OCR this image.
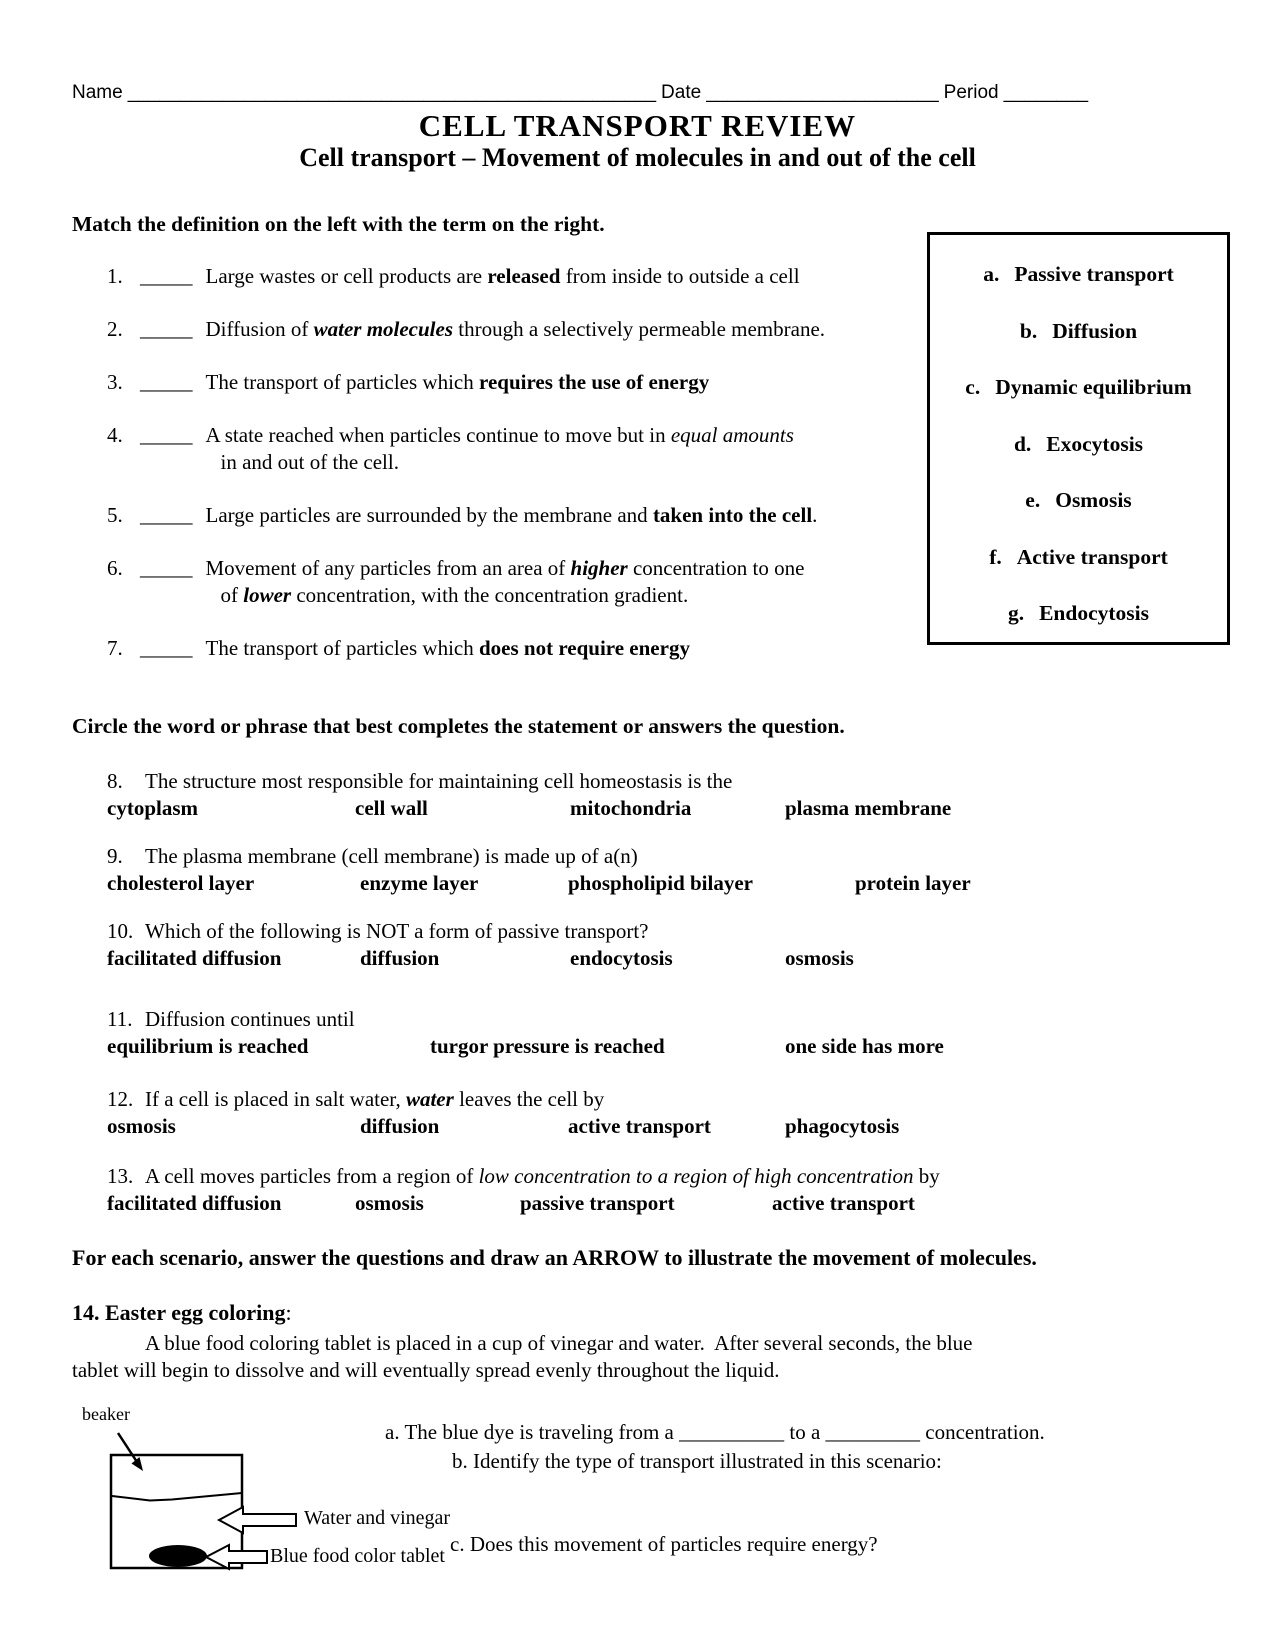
Name __________________________________________________ Date ______________________ Period ________
CELL TRANSPORT REVIEW
Cell transport – Movement of molecules in and out of the cell
Match the definition on the left with the term on the right.
1. _____ Large wastes or cell products are released from inside to outside a cell
2. _____ Diffusion of water molecules through a selectively permeable membrane.
3. _____ The transport of particles which requires the use of energy
4. _____ A state reached when particles continue to move but in equal amounts
in and out of the cell.
5. _____ Large particles are surrounded by the membrane and taken into the cell.
6. _____ Movement of any particles from an area of higher concentration to one
of lower concentration, with the concentration gradient.
7. _____ The transport of particles which does not require energy
a. Passive transport
b. Diffusion
c. Dynamic equilibrium
d. Exocytosis
e. Osmosis
f. Active transport
g. Endocytosis
Circle the word or phrase that best completes the statement or answers the question.
8.	The structure most responsible for maintaining cell homeostasis is the
cytoplasm	cell wall	mitochondria	plasma membrane
9.	The plasma membrane (cell membrane) is made up of a(n)
cholesterol layer	enzyme layer	phospholipid bilayer	protein layer
10. Which of the following is NOT a form of passive transport?
facilitated diffusion	diffusion	endocytosis	osmosis
11. Diffusion continues until
equilibrium is reached	turgor pressure is reached	one side has more
12. If a cell is placed in salt water, water leaves the cell by
osmosis	diffusion	active transport	phagocytosis
13. A cell moves particles from a region of low concentration to a region of high concentration by
facilitated diffusion	osmosis	passive transport	active transport
For each scenario, answer the questions and draw an ARROW to illustrate the movement of molecules.
14. Easter egg coloring:
A blue food coloring tablet is placed in a cup of vinegar and water.  After several seconds, the blue
tablet will begin to dissolve and will eventually spread evenly throughout the liquid.
a. The blue dye is traveling from a __________ to a _________ concentration.
b. Identify the type of transport illustrated in this scenario:
c. Does this movement of particles require energy?
beaker
Water and vinegar
Blue food color tablet
